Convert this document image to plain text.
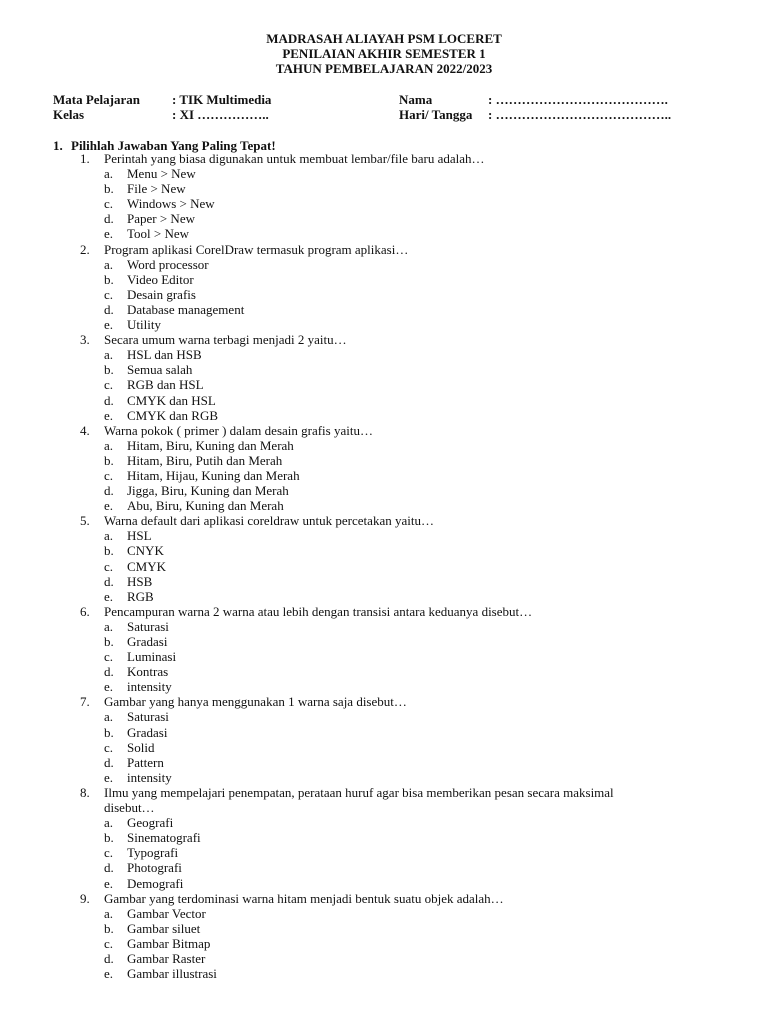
MADRASAH ALIAYAH PSM LOCERET
PENILAIAN AKHIR SEMESTER 1
TAHUN PEMBELAJARAN 2022/2023
Mata Pelajaran : TIK Multimedia	Nama	: ………………………………….
Kelas	: XI ……………..	Hari/ Tangga : …………………………………..
1. Pilihlah Jawaban Yang Paling Tepat!
1. Perintah yang biasa digunakan untuk membuat lembar/file baru adalah…
a. Menu > New
b. File > New
c. Windows > New
d. Paper > New
e. Tool > New
2. Program aplikasi CorelDraw termasuk program aplikasi…
a. Word processor
b. Video Editor
c. Desain grafis
d. Database management
e. Utility
3. Secara umum warna terbagi menjadi 2 yaitu…
a. HSL dan HSB
b. Semua salah
c. RGB dan HSL
d. CMYK dan HSL
e. CMYK dan RGB
4. Warna pokok ( primer ) dalam desain grafis yaitu…
a. Hitam, Biru, Kuning dan Merah
b. Hitam, Biru, Putih dan Merah
c. Hitam, Hijau, Kuning dan Merah
d. Jigga, Biru, Kuning dan Merah
e. Abu, Biru, Kuning dan Merah
5. Warna default dari aplikasi coreldraw untuk percetakan yaitu…
a. HSL
b. CNYK
c. CMYK
d. HSB
e. RGB
6. Pencampuran warna 2 warna atau lebih dengan transisi antara keduanya disebut…
a. Saturasi
b. Gradasi
c. Luminasi
d. Kontras
e. intensity
7. Gambar yang hanya menggunakan 1 warna saja disebut…
a. Saturasi
b. Gradasi
c. Solid
d. Pattern
e. intensity
8. Ilmu yang mempelajari penempatan, perataan huruf agar bisa memberikan pesan secara maksimal
disebut…
a. Geografi
b. Sinematografi
c. Typografi
d. Photografi
e. Demografi
9. Gambar yang terdominasi warna hitam menjadi bentuk suatu objek adalah…
a. Gambar Vector
b. Gambar siluet
c. Gambar Bitmap
d. Gambar Raster
e. Gambar illustrasi
